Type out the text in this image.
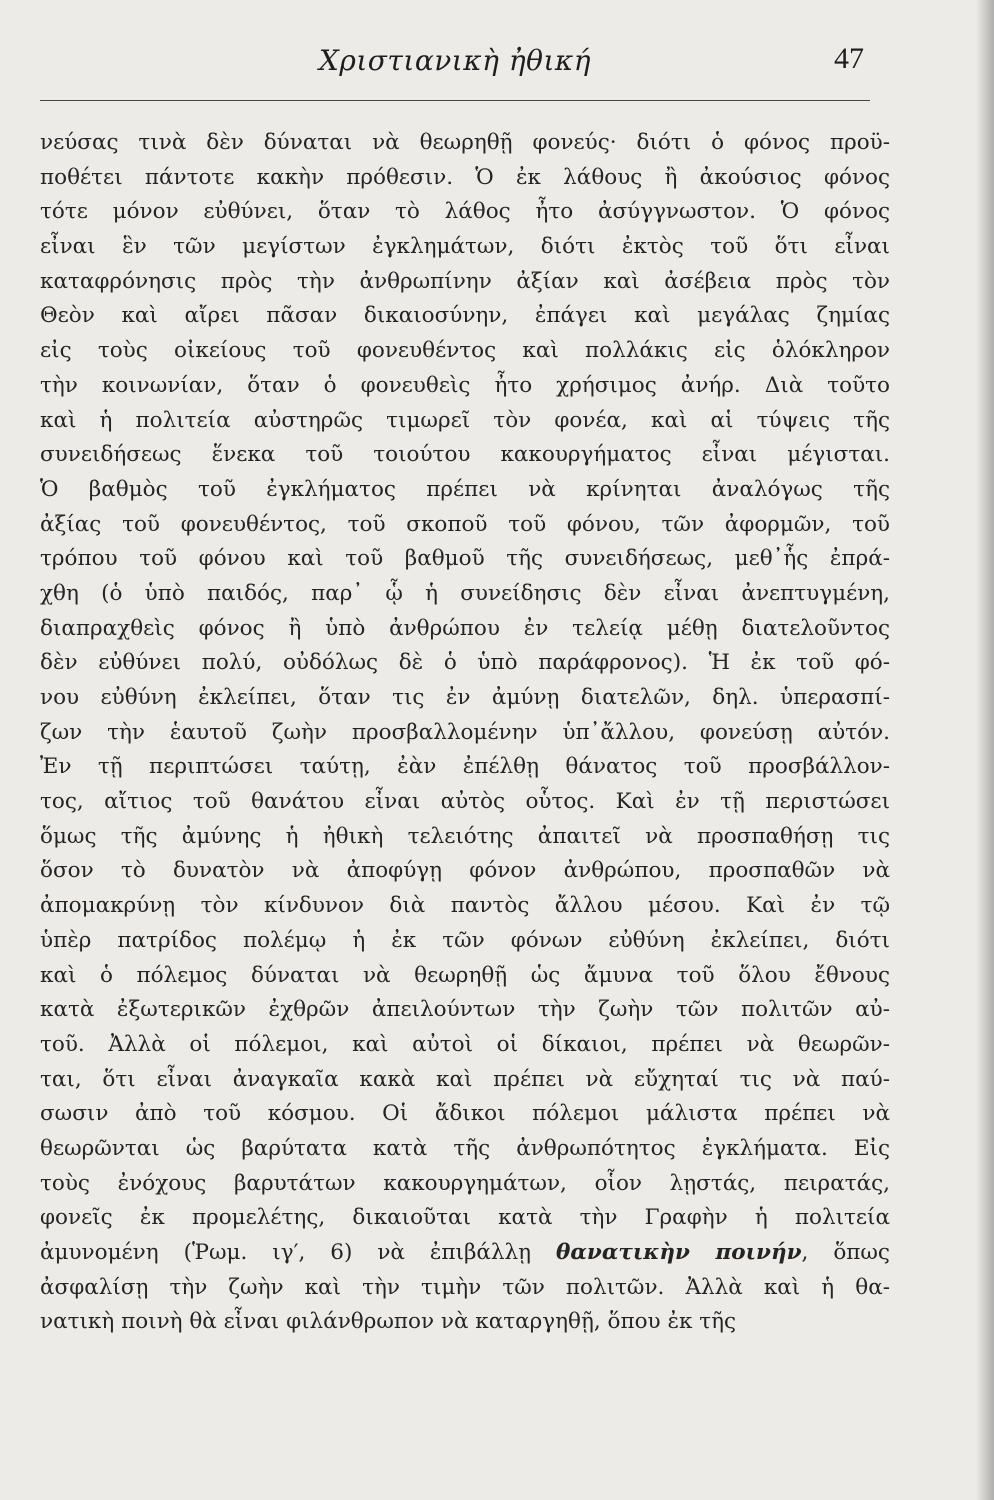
Χριστιανικὴ ἠθική	47
νεύσας τινὰ δὲν δύναται νὰ θεωρηθῇ φονεύς· διότι ὁ φόνος προϋ-
ποθέτει πάντοτε κακὴν πρόθεσιν. Ὁ ἐκ λάθους ἢ ἀκούσιος φόνος
τότε μόνον εὐθύνει, ὅταν τὸ λάθος ἦτο ἀσύγγνωστον. Ὁ φόνος
εἶναι ἓν τῶν μεγίστων ἐγκλημάτων, διότι ἐκτὸς τοῦ ὅτι εἶναι
καταφρόνησις πρὸς τὴν ἀνθρωπίνην ἀξίαν καὶ ἀσέβεια πρὸς τὸν
Θεὸν καὶ αἴρει πᾶσαν δικαιοσύνην, ἐπάγει καὶ μεγάλας ζημίας
εἰς τοὺς οἰκείους τοῦ φονευθέντος καὶ πολλάκις εἰς ὁλόκληρον
τὴν κοινωνίαν, ὅταν ὁ φονευθεὶς ἦτο χρήσιμος ἀνήρ. Διὰ τοῦτο
καὶ ἡ πολιτεία αὐστηρῶς τιμωρεῖ τὸν φονέα, καὶ αἱ τύψεις τῆς
συνειδήσεως ἕνεκα τοῦ τοιούτου κακουργήματος εἶναι μέγισται.
Ὁ βαθμὸς τοῦ ἐγκλήματος πρέπει νὰ κρίνηται ἀναλόγως τῆς
ἀξίας τοῦ φονευθέντος, τοῦ σκοποῦ τοῦ φόνου, τῶν ἀφορμῶν, τοῦ
τρόπου τοῦ φόνου καὶ τοῦ βαθμοῦ τῆς συνειδήσεως, μεθ᾽ἧς ἐπρά-
χθη (ὁ ὑπὸ παιδός, παρ᾽ ᾧ ἡ συνείδησις δὲν εἶναι ἀνεπτυγμένη,
διαπραχθεὶς φόνος ἢ ὑπὸ ἀνθρώπου ἐν τελείᾳ μέθῃ διατελοῦντος
δὲν εὐθύνει πολύ, οὐδόλως δὲ ὁ ὑπὸ παράφρονος). Ἡ ἐκ τοῦ φό-
νου εὐθύνη ἐκλείπει, ὅταν τις ἐν ἀμύνῃ διατελῶν, δηλ. ὑπερασπί-
ζων τὴν ἑαυτοῦ ζωὴν προσβαλλομένην ὑπ᾽ἄλλου, φονεύσῃ αὐτόν.
Ἐν τῇ περιπτώσει ταύτῃ, ἐὰν ἐπέλθῃ θάνατος τοῦ προσβάλλον-
τος, αἴτιος τοῦ θανάτου εἶναι αὐτὸς οὗτος. Καὶ ἐν τῇ περιστώσει
ὅμως τῆς ἀμύνης ἡ ἠθικὴ τελειότης ἀπαιτεῖ νὰ προσπαθήσῃ τις
ὅσον τὸ δυνατὸν νὰ ἀποφύγῃ φόνον ἀνθρώπου, προσπαθῶν νὰ
ἀπομακρύνῃ τὸν κίνδυνον διὰ παντὸς ἄλλου μέσου. Καὶ ἐν τῷ
ὑπὲρ πατρίδος πολέμῳ ἡ ἐκ τῶν φόνων εὐθύνη ἐκλείπει, διότι
καὶ ὁ πόλεμος δύναται νὰ θεωρηθῇ ὡς ἄμυνα τοῦ ὅλου ἔθνους
κατὰ ἐξωτερικῶν ἐχθρῶν ἀπειλούντων τὴν ζωὴν τῶν πολιτῶν αὐ-
τοῦ. Ἀλλὰ οἱ πόλεμοι, καὶ αὐτοὶ οἱ δίκαιοι, πρέπει νὰ θεωρῶν-
ται, ὅτι εἶναι ἀναγκαῖα κακὰ καὶ πρέπει νὰ εὔχηταί τις νὰ παύ-
σωσιν ἀπὸ τοῦ κόσμου. Οἱ ἄδικοι πόλεμοι μάλιστα πρέπει νὰ
θεωρῶνται ὡς βαρύτατα κατὰ τῆς ἀνθρωπότητος ἐγκλήματα. Εἰς
τοὺς ἐνόχους βαρυτάτων κακουργημάτων, οἷον λῃστάς, πειρατάς,
φονεῖς ἐκ προμελέτης, δικαιοῦται κατὰ τὴν Γραφὴν ἡ πολιτεία
ἀμυνομένη (Ῥωμ. ιγ′, 6) νὰ ἐπιβάλλῃ θανατικὴν ποινήν, ὅπως
ἀσφαλίσῃ τὴν ζωὴν καὶ τὴν τιμὴν τῶν πολιτῶν. Ἀλλὰ καὶ ἡ θα-
νατικὴ ποινὴ θὰ εἶναι φιλάνθρωπον νὰ καταργηθῇ, ὅπου ἐκ τῆς
